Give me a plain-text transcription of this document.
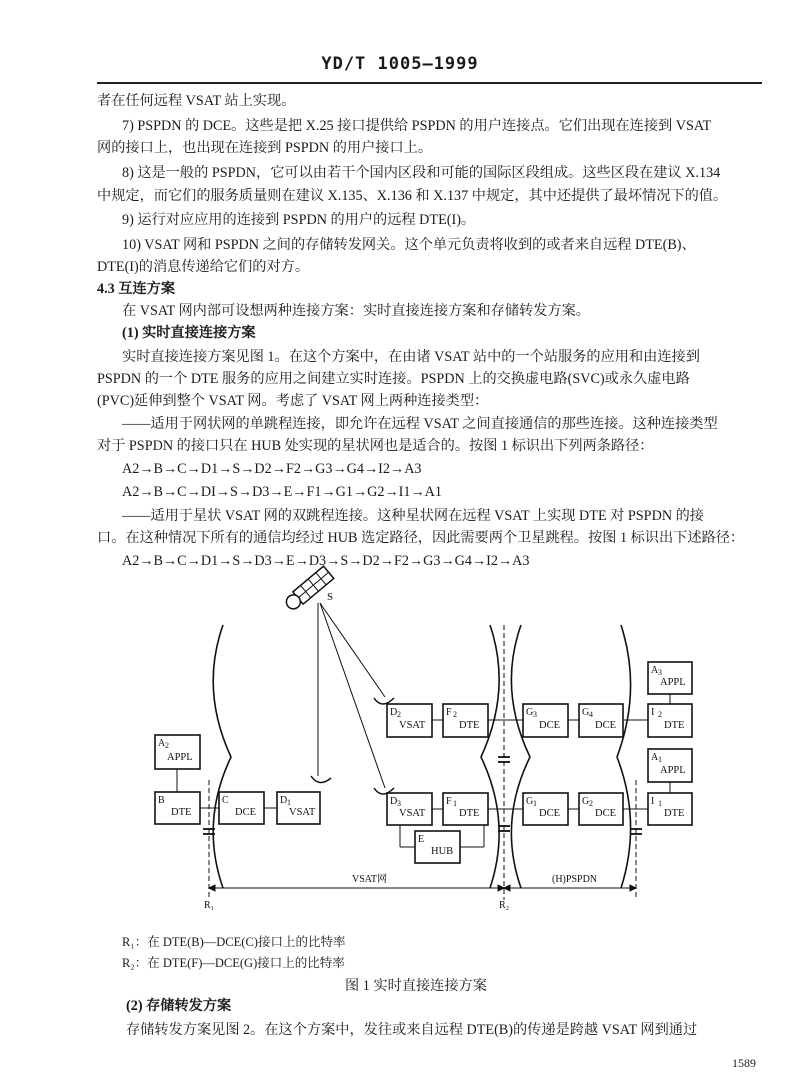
YD/T 1005—1999
者在任何远程 VSAT 站上实现。
7) PSPDN 的 DCE。这些是把 X.25 接口提供给 PSPDN 的用户连接点。它们出现在连接到 VSAT
网的接口上，也出现在连接到 PSPDN 的用户接口上。
8) 这是一般的 PSPDN，它可以由若干个国内区段和可能的国际区段组成。这些区段在建议 X.134
中规定，而它们的服务质量则在建议 X.135、X.136 和 X.137 中规定，其中还提供了最坏情况下的值。
9) 运行对应应用的连接到 PSPDN 的用户的远程 DTE(I)。
10) VSAT 网和 PSPDN 之间的存储转发网关。这个单元负责将收到的或者来自远程 DTE(B)、
DTE(I)的消息传递给它们的对方。
4.3 互连方案
在 VSAT 网内部可设想两种连接方案：实时直接连接方案和存储转发方案。
(1) 实时直接连接方案
实时直接连接方案见图 1。在这个方案中，在由诸 VSAT 站中的一个站服务的应用和由连接到
PSPDN 的一个 DTE 服务的应用之间建立实时连接。PSPDN 上的交换虚电路(SVC)或永久虚电路
(PVC)延伸到整个 VSAT 网。考虑了 VSAT 网上两种连接类型：
——适用于网状网的单跳程连接，即允许在远程 VSAT 之间直接通信的那些连接。这种连接类型
对于 PSPDN 的接口只在 HUB 处实现的星状网也是适合的。按图 1 标识出下列两条路径：
A2→B→C→D1→S→D2→F2→G3→G4→I2→A3
A2→B→C→DI→S→D3→E→F1→G1→G2→I1→A1
——适用于星状 VSAT 网的双跳程连接。这种星状网在远程 VSAT 上实现 DTE 对 PSPDN 的接
口。在这种情况下所有的通信均经过 HUB 选定路径，因此需要两个卫星跳程。按图 1 标识出下述路径：
A2→B→C→D1→S→D3→E→D3→S→D2→F2→G3→G4→I2→A3
S
A 2
APPL
B
DTE
C
DCE
D 1
VSAT
D 2
VSAT
F 2
DTE
G 3
DCE
G 4
DCE
A 3
APPL
I 2
DTE
D 3
VSAT
F 1
DTE
G 1
DCE
G 2
DCE
A 1
APPL
I 1
DTE
E
HUB
VSAT网	(H)PSPDN
R₁	R₂
R₁：在 DTE(B)—DCE(C)接口上的比特率
R₂：在 DTE(F)—DCE(G)接口上的比特率
图 1 实时直接连接方案
(2) 存储转发方案
存储转发方案见图 2。在这个方案中，发往或来自远程 DTE(B)的传递是跨越 VSAT 网到通过
1589
